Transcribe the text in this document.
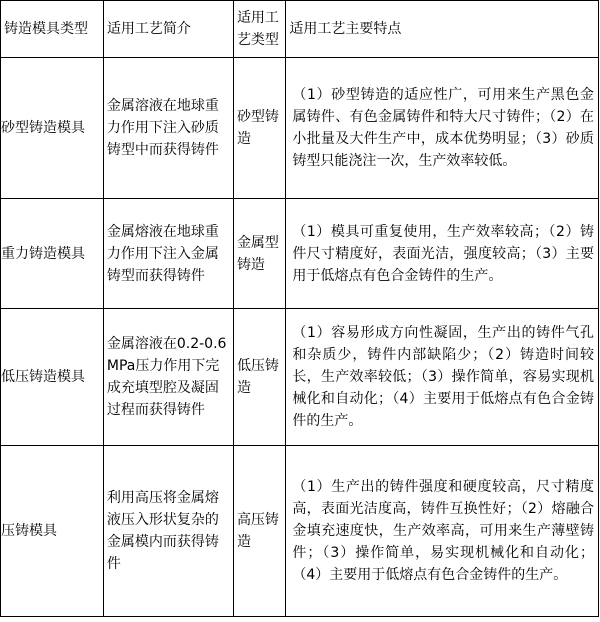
铸造模具类型	适用工艺简介	适用工艺类型	适用工艺主要特点
砂型铸造模具	金属溶液在地球重力作用下注入砂质铸型中而获得铸件	砂型铸造	（1）砂型铸造的适应性广，可用来生产黑色金属铸件、有色金属铸件和特大尺寸铸件；（2）在小批量及大件生产中，成本优势明显；（3）砂质铸型只能浇注一次，生产效率较低。
重力铸造模具	金属熔液在地球重力作用下注入金属铸型而获得铸件	金属型铸造	（1）模具可重复使用，生产效率较高；（2）铸件尺寸精度好，表面光洁，强度较高；（3）主要用于低熔点有色合金铸件的生产。
低压铸造模具	金属溶液在0.2-0.6MPa压力作用下完成充填型腔及凝固过程而获得铸件	低压铸造	（1）容易形成方向性凝固，生产出的铸件气孔和杂质少，铸件内部缺陷少；（2）铸造时间较长，生产效率较低；（3）操作简单，容易实现机械化和自动化；（4）主要用于低熔点有色合金铸件的生产。
压铸模具	利用高压将金属熔液压入形状复杂的金属模内而获得铸件	高压铸造	（1）生产出的铸件强度和硬度较高，尺寸精度高，表面光洁度高，铸件互换性好；（2）熔融合金填充速度快，生产效率高，可用来生产薄壁铸件；（3）操作简单，易实现机械化和自动化；（4）主要用于低熔点有色合金铸件的生产。
